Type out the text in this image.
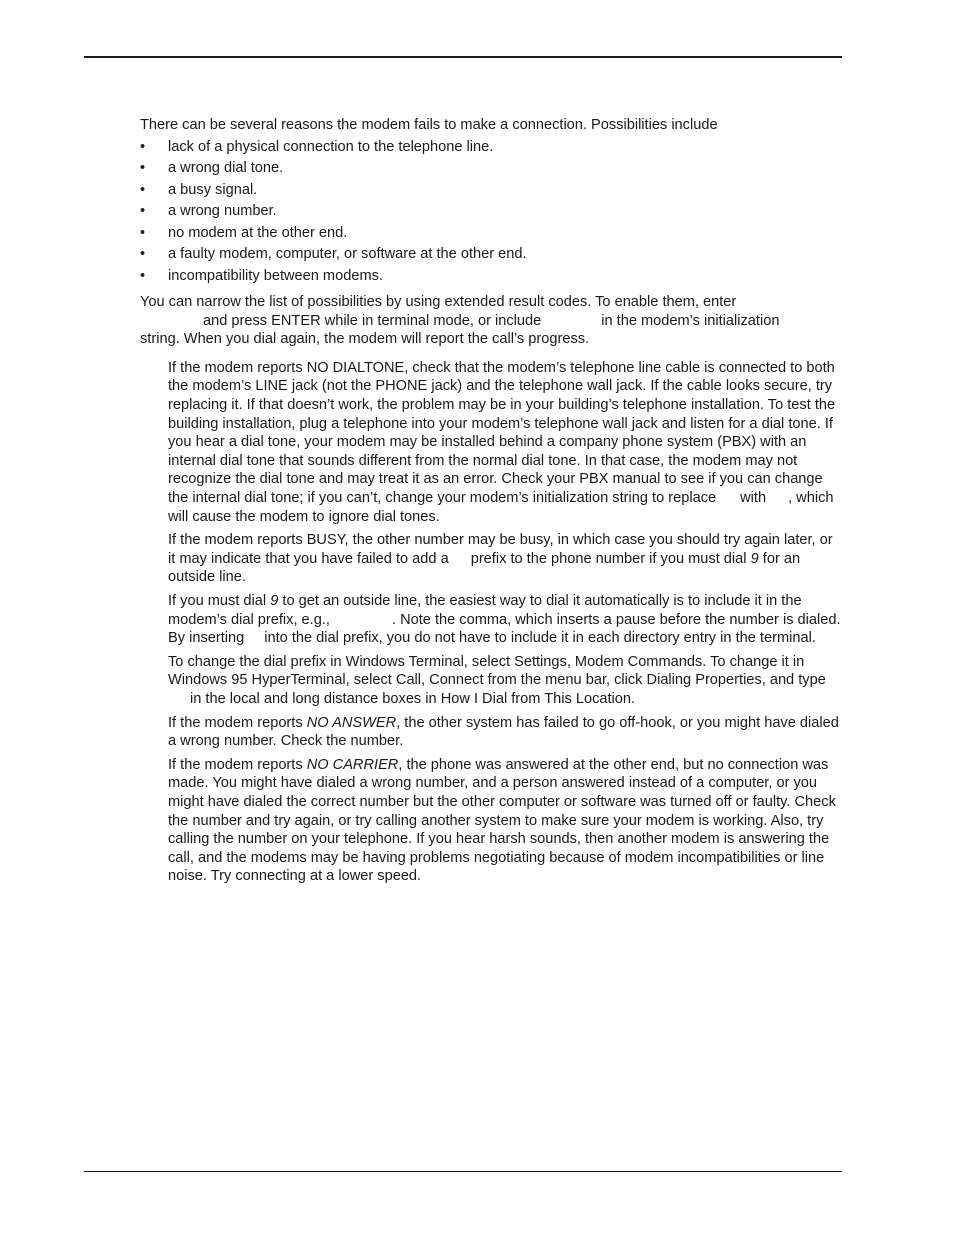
There can be several reasons the modem fails to make a connection. Possibilities include

• lack of a physical connection to the telephone line.
• a wrong dial tone.
• a busy signal.
• a wrong number.
• no modem at the other end.
• a faulty modem, computer, or software at the other end.
• incompatibility between modems.

You can narrow the list of possibilities by using extended result codes. To enable them, enter
and press ENTER while in terminal mode, or include	in the modem’s initialization
string. When you dial again, the modem will report the call’s progress.

If the modem reports NO DIALTONE, check that the modem’s telephone line cable is connected to both the modem’s LINE jack (not the PHONE jack) and the telephone wall jack. If the cable looks secure, try replacing it. If that doesn’t work, the problem may be in your building’s telephone installation. To test the building installation, plug a telephone into your modem’s telephone wall jack and listen for a dial tone. If you hear a dial tone, your modem may be installed behind a company phone system (PBX) with an internal dial tone that sounds different from the normal dial tone. In that case, the modem may not recognize the dial tone and may treat it as an error. Check your PBX manual to see if you can change the internal dial tone; if you can’t, change your modem’s initialization string to replace with , which will cause the modem to ignore dial tones.

If the modem reports BUSY, the other number may be busy, in which case you should try again later, or it may indicate that you have failed to add a prefix to the phone number if you must dial 9 for an outside line.

If you must dial 9 to get an outside line, the easiest way to dial it automatically is to include it in the modem’s dial prefix, e.g.,	. Note the comma, which inserts a pause before the number is dialed. By inserting into the dial prefix, you do not have to include it in each directory entry in the terminal.

To change the dial prefix in Windows Terminal, select Settings, Modem Commands. To change it in Windows 95 HyperTerminal, select Call, Connect from the menu bar, click Dialing Properties, and typein the local and long distance boxes in How I Dial from This Location.

If the modem reports NO ANSWER, the other system has failed to go off-hook, or you might have dialed a wrong number. Check the number.

If the modem reports NO CARRIER, the phone was answered at the other end, but no connection was made. You might have dialed a wrong number, and a person answered instead of a computer, or you might have dialed the correct number but the other computer or software was turned off or faulty. Check the number and try again, or try calling another system to make sure your modem is working. Also, try calling the number on your telephone. If you hear harsh sounds, then another modem is answering the call, and the modems may be having problems negotiating because of modem incompatibilities or line noise. Try connecting at a lower speed.
